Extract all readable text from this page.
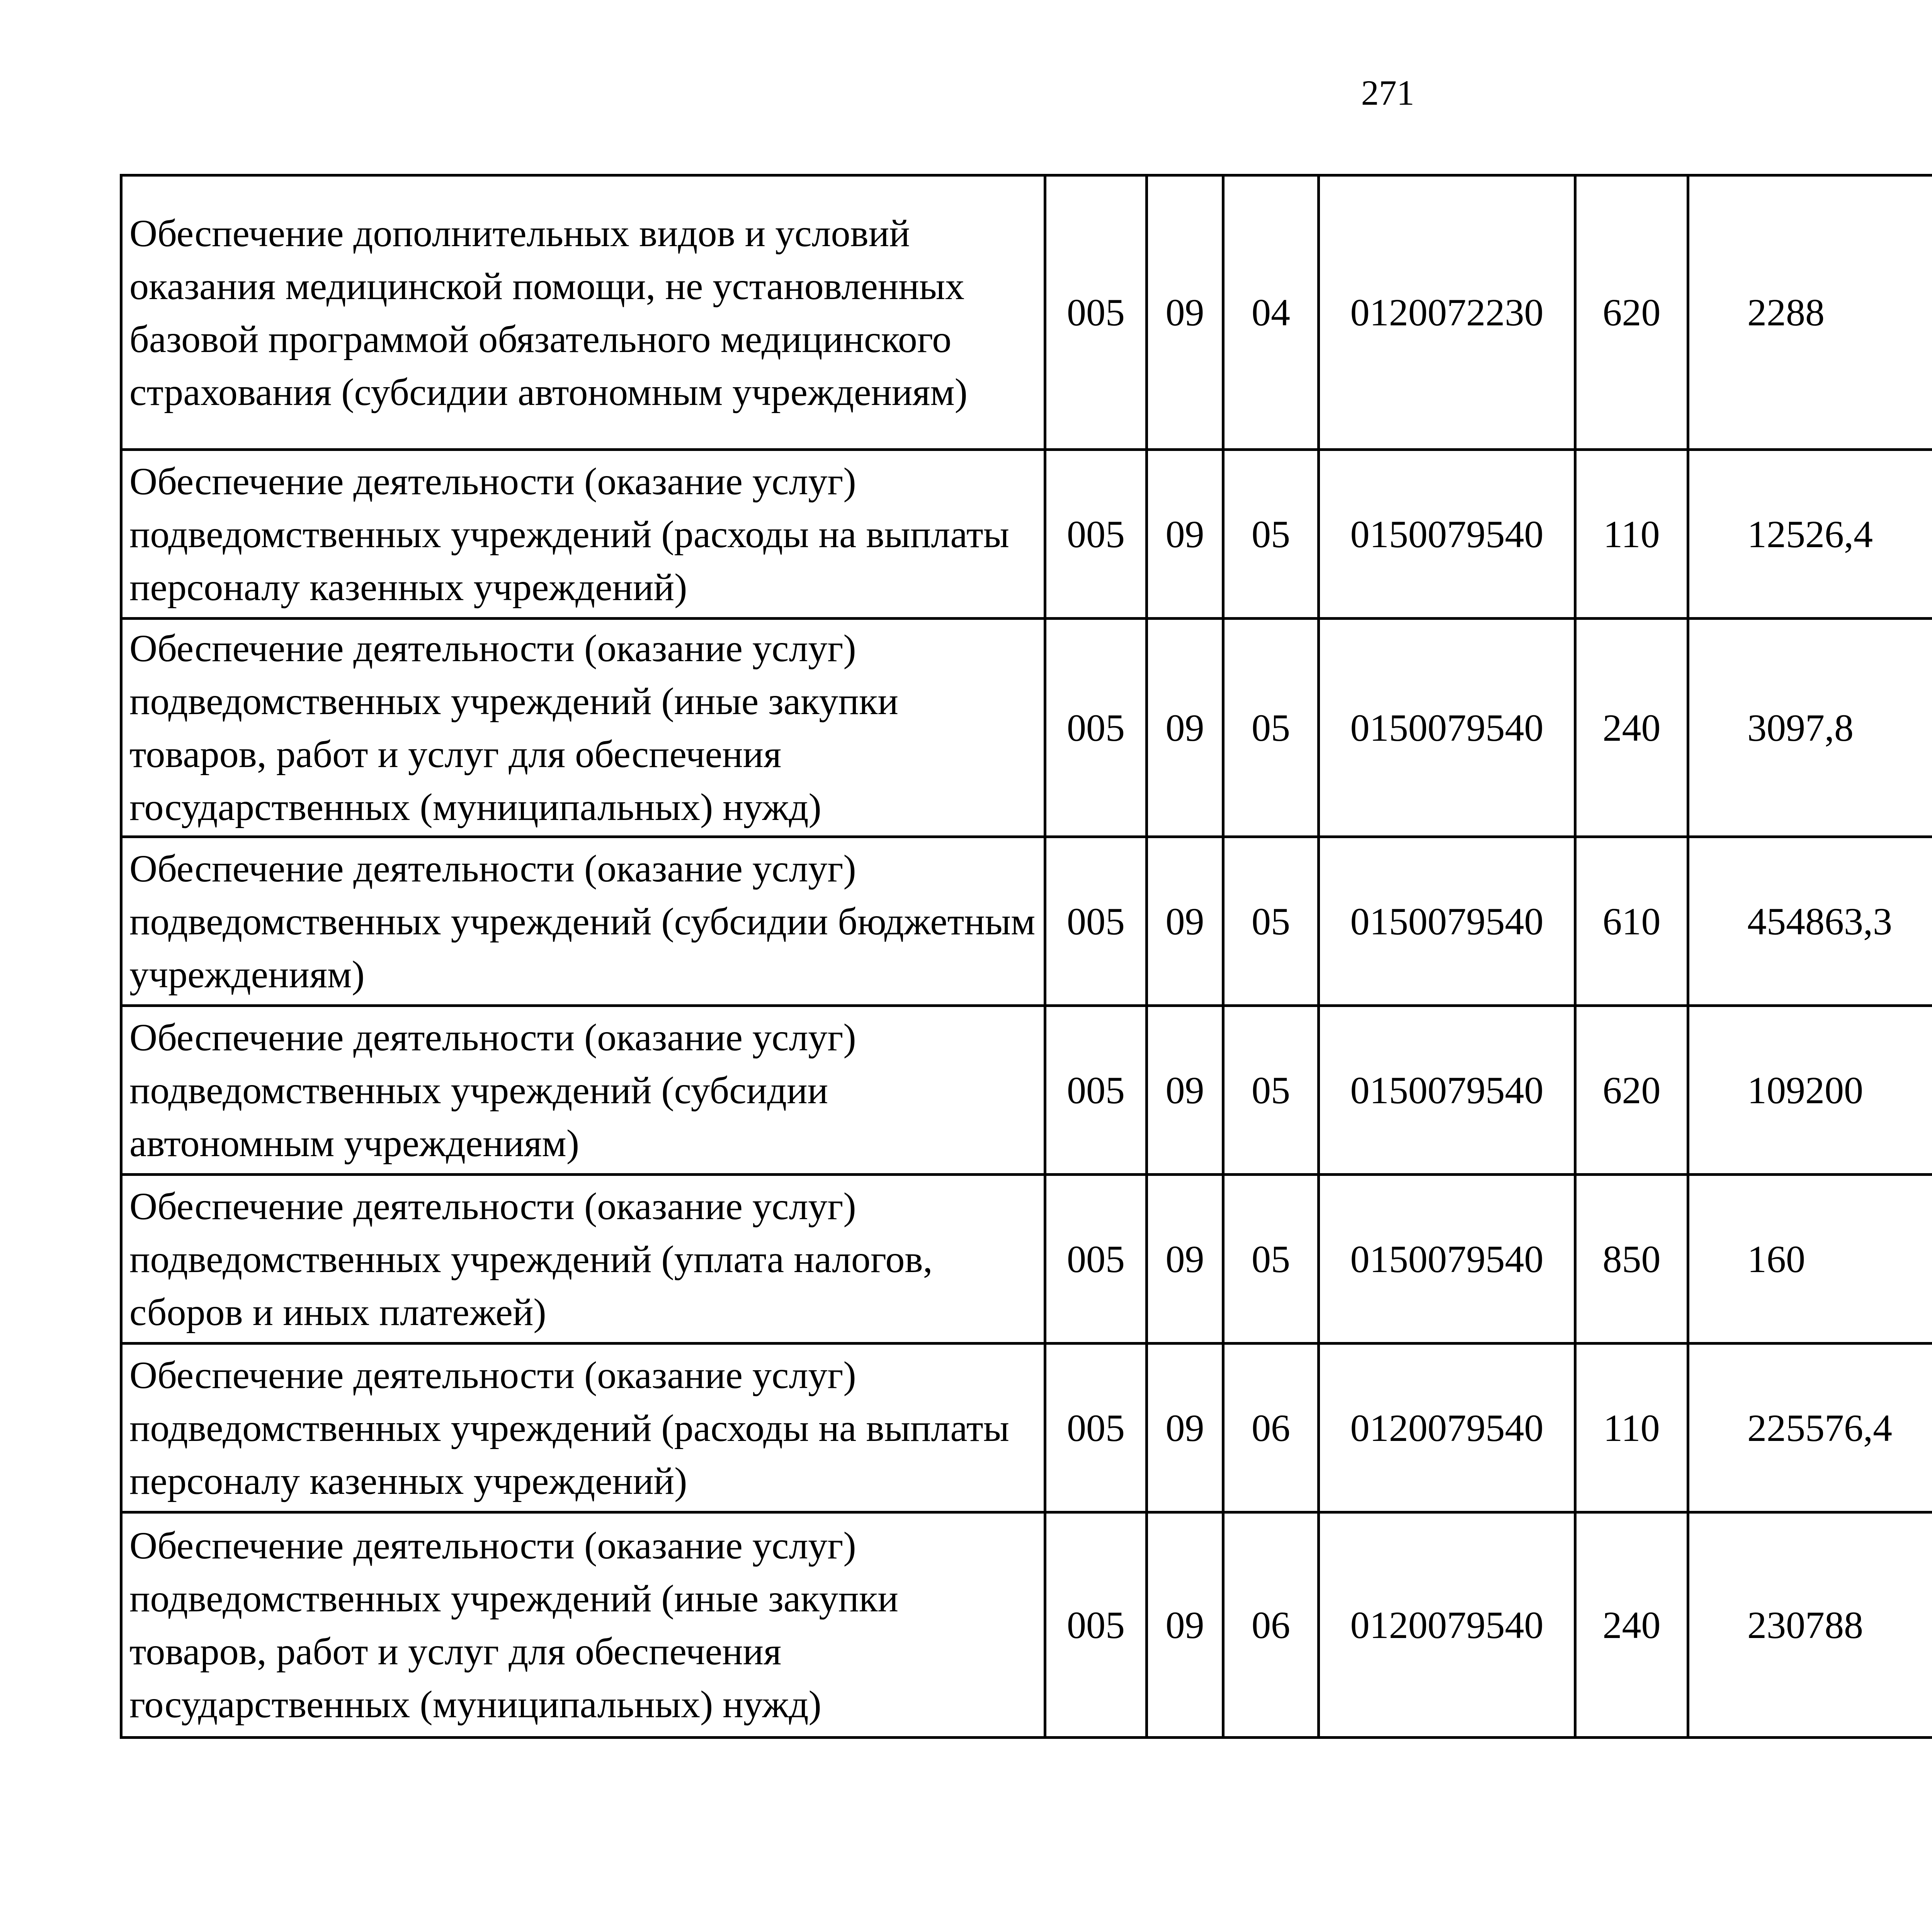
271
Обеспечение дополнительных видов и условий оказания медицинской помощи, не установленных базовой программой обязательного медицинского страхования (субсидии автономным учреждениям)	005	09	04	0120072230	620	2288		
Обеспечение деятельности (оказание услуг) подведомственных учреждений (расходы на выплаты персоналу казенных учреждений)	005	09	05	0150079540	110	12526,4		
Обеспечение деятельности (оказание услуг) подведомственных учреждений (иные закупки товаров, работ и услуг для обеспечения государственных (муниципальных) нужд)	005	09	05	0150079540	240	3097,8		
Обеспечение деятельности (оказание услуг) подведомственных учреждений (субсидии бюджетным учреждениям)	005	09	05	0150079540	610	454863,3		
Обеспечение деятельности (оказание услуг) подведомственных учреждений (субсидии автономным учреждениям)	005	09	05	0150079540	620	109200		
Обеспечение деятельности (оказание услуг) подведомственных учреждений (уплата налогов, сборов и иных платежей)	005	09	05	0150079540	850	160		
Обеспечение деятельности (оказание услуг) подведомственных учреждений (расходы на выплаты персоналу казенных учреждений)	005	09	06	0120079540	110	225576,4		
Обеспечение деятельности (оказание услуг) подведомственных учреждений (иные закупки товаров, работ и услуг для обеспечения государственных (муниципальных) нужд)	005	09	06	0120079540	240	230788		
